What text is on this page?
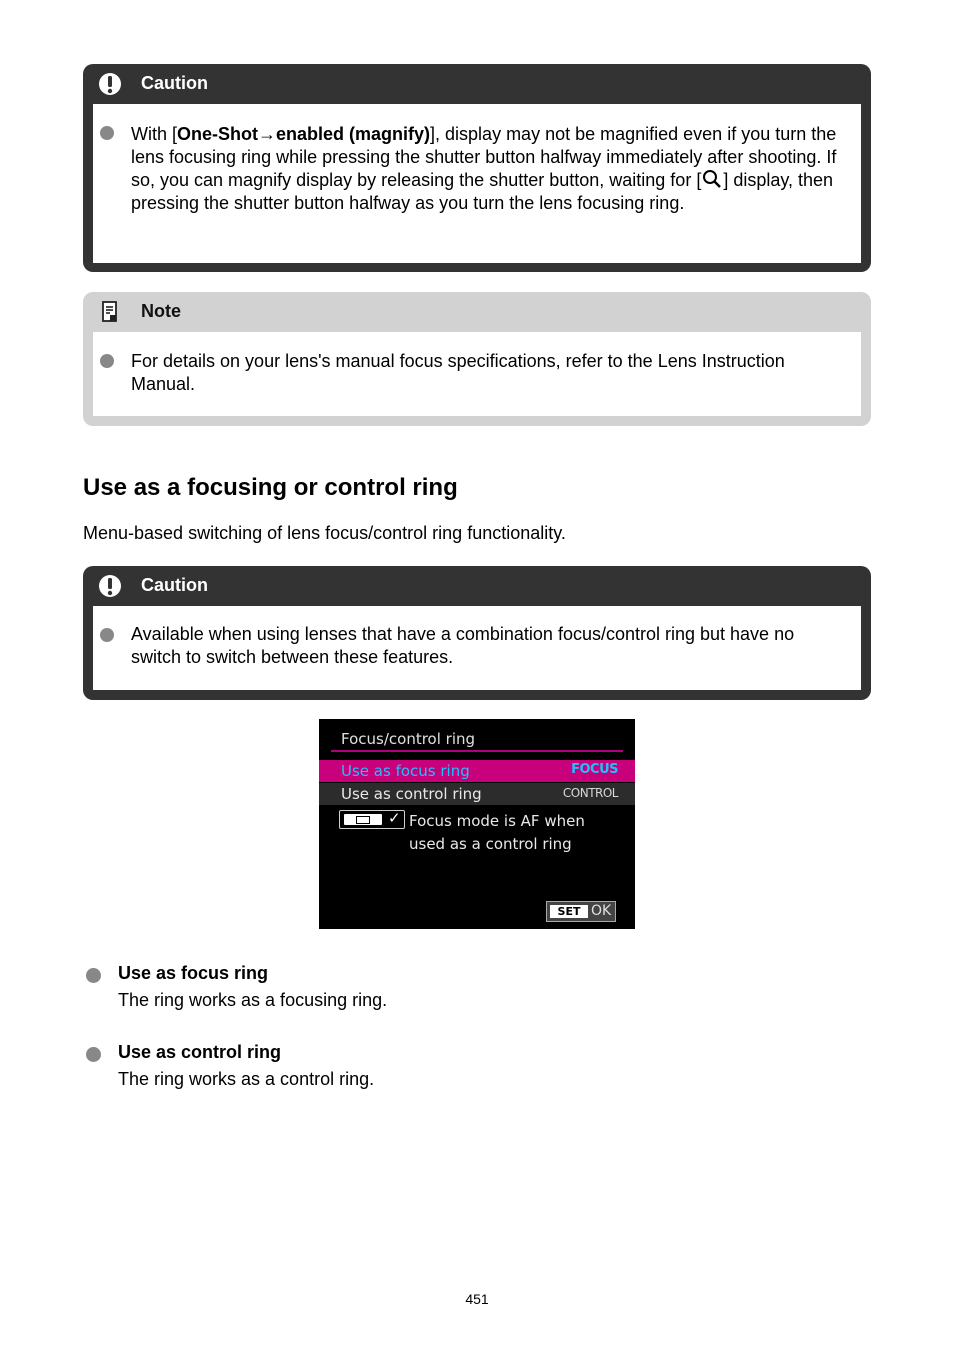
Caution
With [One-Shot→enabled (magnify)], display may not be magnified even if you turn the lens focusing ring while pressing the shutter button halfway immediately after shooting. If so, you can magnify display by releasing the shutter button, waiting for [ ] display, then pressing the shutter button halfway as you turn the lens focusing ring.
Note
For details on your lens's manual focus specifications, refer to the Lens Instruction Manual.
Use as a focusing or control ring
Menu-based switching of lens focus/control ring functionality.
Caution
Available when using lenses that have a combination focus/control ring but have no switch to switch between these features.
Focus/control ring
Use as focus ring	FOCUS
Use as control ring	CONTROL
✓ Focus mode is AF when
used as a control ring
SET OK
Use as focus ring
The ring works as a focusing ring.
Use as control ring
The ring works as a control ring.
451
